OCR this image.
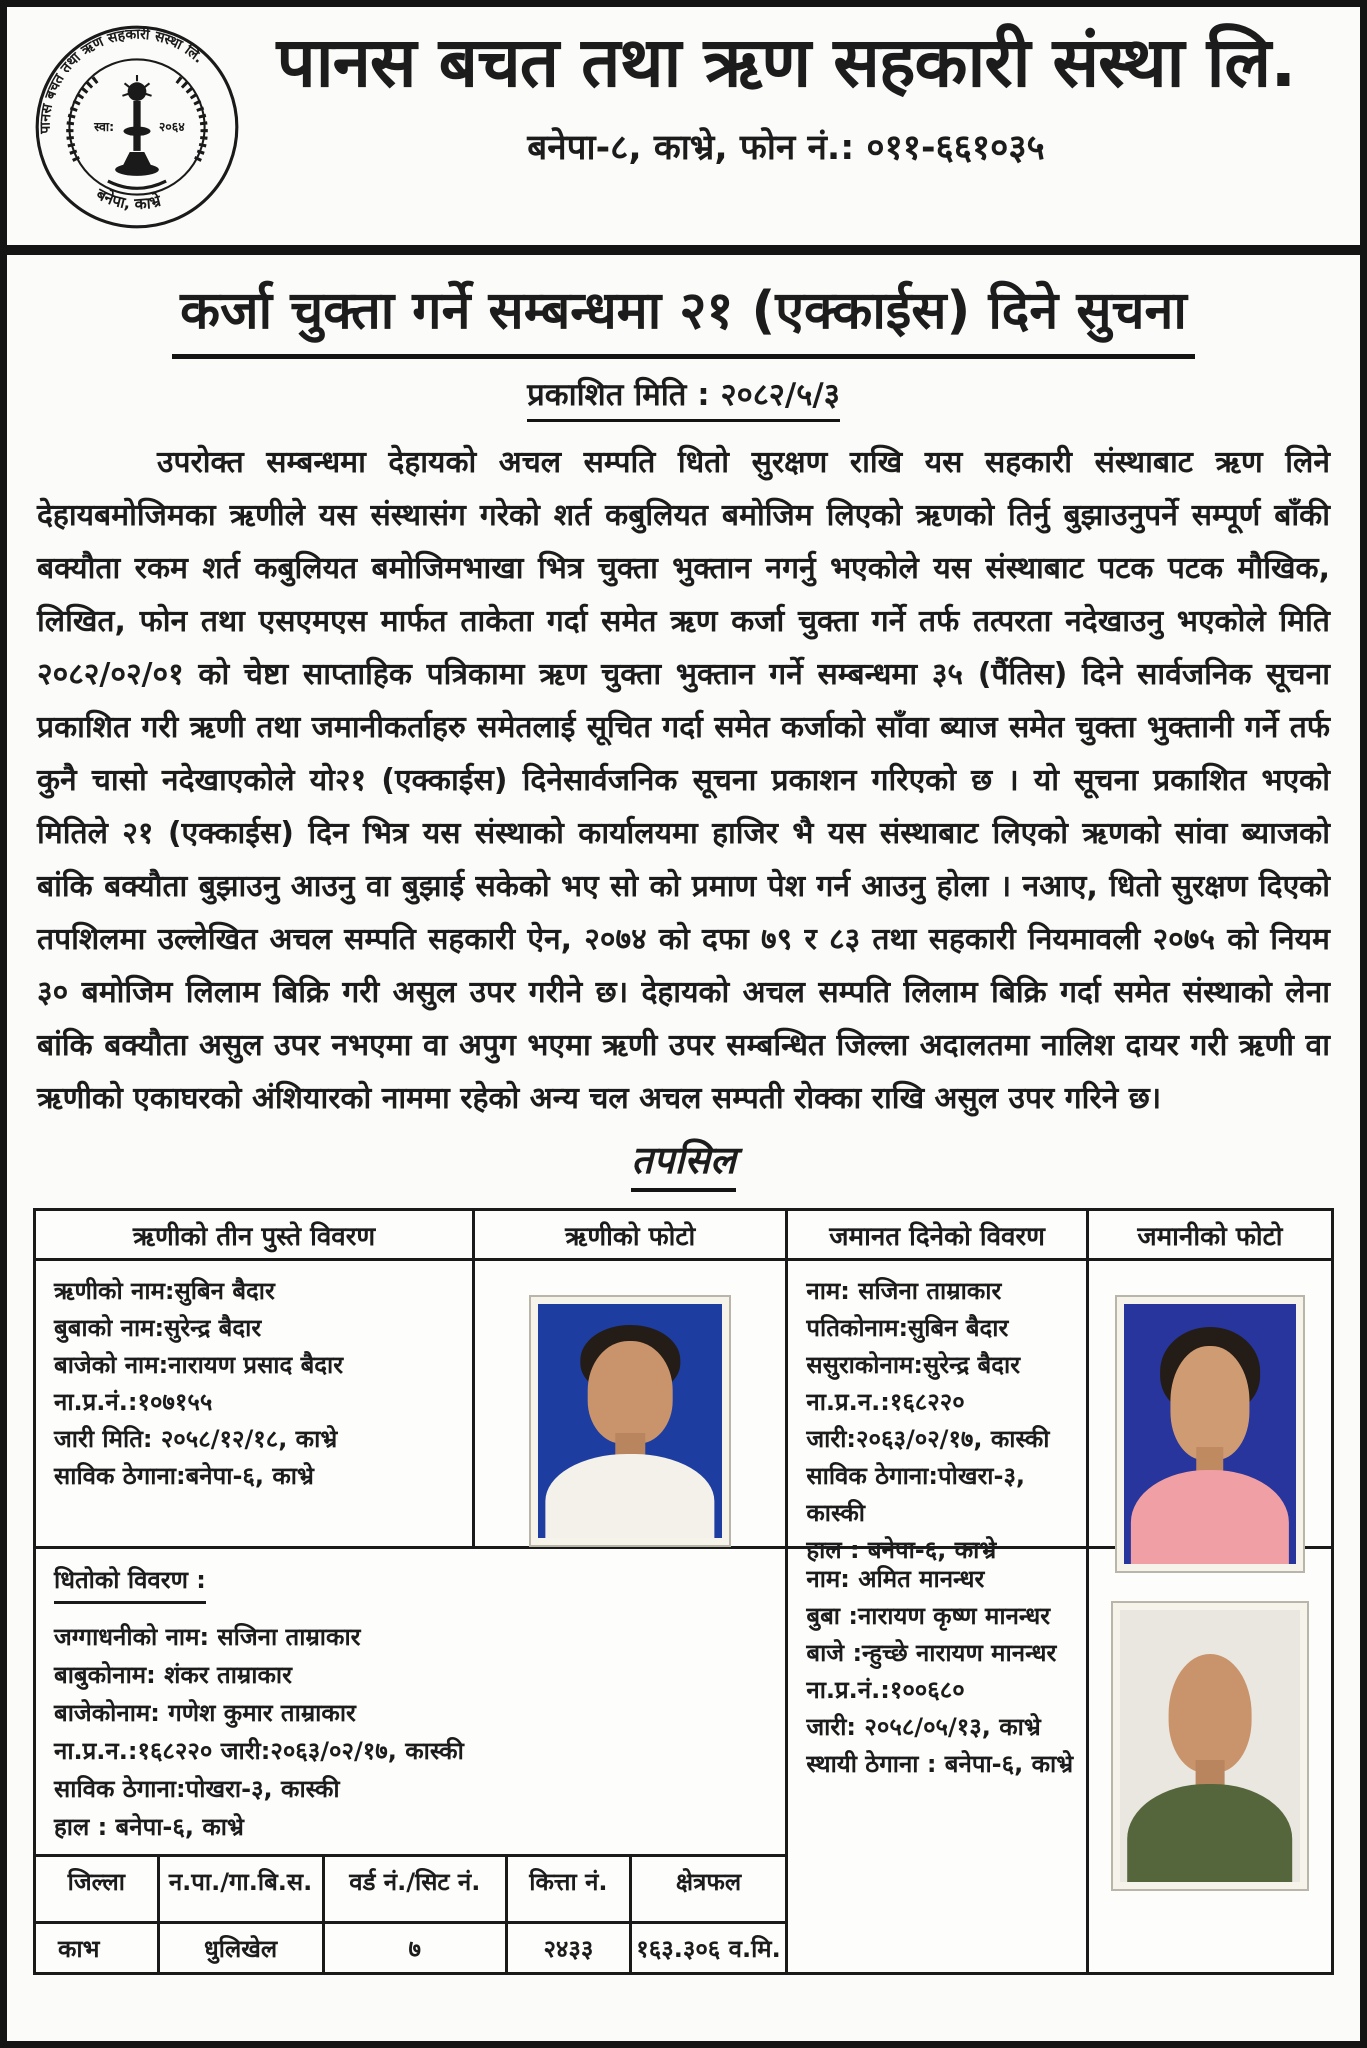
पानस बचत तथा ऋण सहकारी संस्था लि.
बनेपा, काभ्रे
स्वा:	२०६४
पानस बचत तथा ऋण सहकारी संस्था लि.
बनेपा-८, काभ्रे, फोन नं.: ०११-६६१०३५
कर्जा चुक्ता गर्ने सम्बन्धमा २१ (एक्काईस) दिने सुचना
प्रकाशित मिति : २०८२/५/३
उपरोक्त सम्बन्धमा देहायको अचल सम्पति धितो सुरक्षण राखि यस सहकारी संस्थाबाट ऋण लिने देहायबमोजिमका ऋणीले यस संस्थासंग गरेको शर्त कबुलियत बमोजिम लिएको ऋणको तिर्नु बुझाउनुपर्ने सम्पूर्ण बाँकी बक्यौता रकम शर्त कबुलियत बमोजिमभाखा भित्र चुक्ता भुक्तान नगर्नु भएकोले यस संस्थाबाट पटक पटक मौखिक, लिखित, फोन तथा एसएमएस मार्फत ताकेता गर्दा समेत ऋण कर्जा चुक्ता गर्ने तर्फ तत्परता नदेखाउनु भएकोले मिति २०८२/०२/०१ को चेष्टा साप्ताहिक पत्रिकामा ऋण चुक्ता भुक्तान गर्ने सम्बन्धमा ३५ (पैंतिस) दिने सार्वजनिक सूचना प्रकाशित गरी ऋणी तथा जमानीकर्ताहरु समेतलाई सूचित गर्दा समेत कर्जाको साँवा ब्याज समेत चुक्ता भुक्तानी गर्ने तर्फ कुनै चासो नदेखाएकोले यो२१ (एक्काईस) दिनेसार्वजनिक सूचना प्रकाशन गरिएको छ । यो सूचना प्रकाशित भएको मितिले २१ (एक्काईस) दिन भित्र यस संस्थाको कार्यालयमा हाजिर भै यस संस्थाबाट लिएको ऋणको सांवा ब्याजको बांकि बक्यौता बुझाउनु आउनु वा बुझाई सकेको भए सो को प्रमाण पेश गर्न आउनु होला । नआए, धितो सुरक्षण दिएको तपशिलमा उल्लेखित अचल सम्पति सहकारी ऐन, २०७४ को दफा ७९ र ८३ तथा सहकारी नियमावली २०७५ को नियम ३० बमोजिम लिलाम बिक्रि गरी असुल उपर गरीने छ। देहायको अचल सम्पति लिलाम बिक्रि गर्दा समेत संस्थाको लेना बांकि बक्यौता असुल उपर नभएमा वा अपुग भएमा ऋणी उपर सम्बन्धित जिल्ला अदालतमा नालिश दायर गरी ऋणी वा ऋणीको एकाघरको अंशियारको नाममा रहेको अन्य चल अचल सम्पती रोक्का राखि असुल उपर गरिने छ।
तपसिल
ऋणीको तीन पुस्ते विवरण	ऋणीको फोटो	जमानत दिनेको विवरण	जमानीको फोटो
ऋणीको नाम:सुबिन बैदार
बुबाको नाम:सुरेन्द्र बैदार
बाजेको नाम:नारायण प्रसाद बैदार
ना.प्र.नं.:१०७१५५
जारी मिति: २०५८/१२/१८, काभ्रे
साविक ठेगाना:बनेपा-६, काभ्रे
नाम: सजिना ताम्राकार
पतिकोनाम:सुबिन बैदार
ससुराकोनाम:सुरेन्द्र बैदार
ना.प्र.न.:१६८२२०
जारी:२०६३/०२/१७, कास्की
साविक ठेगाना:पोखरा-३, कास्की
हाल : बनेपा-६, काभ्रे
धितोको विवरण :
जग्गाधनीको नाम: सजिना ताम्राकार
बाबुकोनाम: शंकर ताम्राकार
बाजेकोनाम: गणेश कुमार ताम्राकार
ना.प्र.न.:१६८२२० जारी:२०६३/०२/१७, कास्की
साविक ठेगाना:पोखरा-३, कास्की
हाल : बनेपा-६, काभ्रे
जिल्ला	न.पा./गा.बि.स.	वर्ड नं./सिट नं.	कित्ता नं.	क्षेत्रफल
काभ	धुलिखेल	७	२४३३	१६३.३०६ व.मि.
नाम: अमित मानन्धर
बुबा :नारायण कृष्ण मानन्धर
बाजे :न्हुच्छे नारायण मानन्धर
ना.प्र.नं.:१००६८०
जारी: २०५८/०५/१३, काभ्रे
स्थायी ठेगाना : बनेपा-६, काभ्रे
